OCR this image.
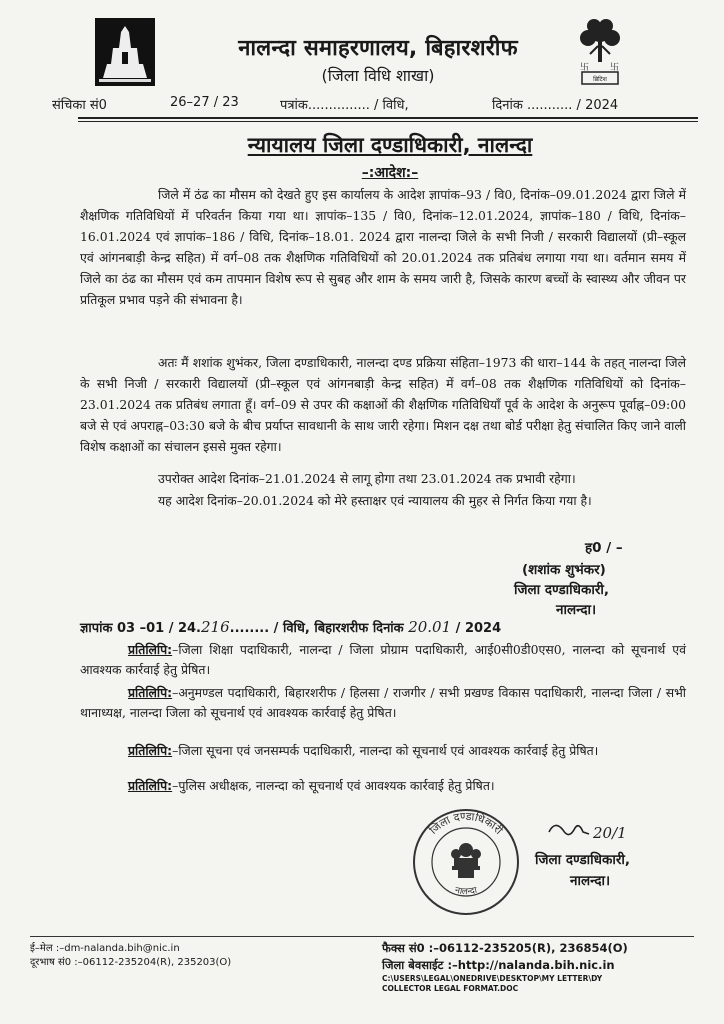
卐 卐
ब्रिटिश
नालन्दा समाहरणालय, बिहारशरीफ
(जिला विधि शाखा)
संचिका सं0	26–27 / 23	पत्रांक............... / विधि,	दिनांक ........... / 2024
न्यायालय जिला दण्डाधिकारी, नालन्दा
–:आदेश:–
जिले में ठंढ का मौसम को देखते हुए इस कार्यालय के आदेश ज्ञापांक–93 / वि0, दिनांक–09.01.2024 द्वारा जिले में शैक्षणिक गतिविधियों में परिवर्तन किया गया था। ज्ञापांक–135 / वि0, दिनांक–12.01.2024, ज्ञापांक–180 / विधि, दिनांक–16.01.2024 एवं ज्ञापांक–186 / विधि, दिनांक–18.01. 2024 द्वारा नालन्दा जिले के सभी निजी / सरकारी विद्यालयों (प्री–स्कूल एवं आंगनबाड़ी केन्द्र सहित) में वर्ग–08 तक शैक्षणिक गतिविधियों को 20.01.2024 तक प्रतिबंध लगाया गया था। वर्तमान समय में जिले का ठंढ का मौसम एवं कम तापमान विशेष रूप से सुबह और शाम के समय जारी है, जिसके कारण बच्चों के स्वास्थ्य और जीवन पर प्रतिकूल प्रभाव पड़ने की संभावना है।
अतः मैं शशांक शुभंकर, जिला दण्डाधिकारी, नालन्दा दण्ड प्रक्रिया संहिता–1973 की धारा–144 के तहत् नालन्दा जिले के सभी निजी / सरकारी विद्यालयों (प्री–स्कूल एवं आंगनबाड़ी केन्द्र सहित) में वर्ग–08 तक शैक्षणिक गतिविधियों को दिनांक–23.01.2024 तक प्रतिबंध लगाता हूँ। वर्ग–09 से उपर की कक्षाओं की शैक्षणिक गतिविधियाँ पूर्व के आदेश के अनुरूप पूर्वाह्न–09:00 बजे से एवं अपराह्न–03:30 बजे के बीच प्रर्याप्त सावधानी के साथ जारी रहेगा। मिशन दक्ष तथा बोर्ड परीक्षा हेतु संचालित किए जाने वाली विशेष कक्षाओं का संचालन इससे मुक्त रहेगा।
उपरोक्त आदेश दिनांक–21.01.2024 से लागू होगा तथा 23.01.2024 तक प्रभावी रहेगा।
यह आदेश दिनांक–20.01.2024 को मेरे हस्ताक्षर एवं न्यायालय की मुहर से निर्गत किया गया है।
ह0 / –
(शशांक शुभंकर)
जिला दण्डाधिकारी,
नालन्दा।
ज्ञापांक 03 –01 / 24.216........ / विधि, बिहारशरीफ दिनांक 20.01 / 2024
प्रतिलिपि:–जिला शिक्षा पदाधिकारी, नालन्दा / जिला प्रोग्राम पदाधिकारी, आई0सी0डी0एस0, नालन्दा को सूचनार्थ एवं आवश्यक कार्रवाई हेतु प्रेषित।
प्रतिलिपि:–अनुमण्डल पदाधिकारी, बिहारशरीफ / हिलसा / राजगीर / सभी प्रखण्ड विकास पदाधिकारी, नालन्दा जिला / सभी थानाध्यक्ष, नालन्दा जिला को सूचनार्थ एवं आवश्यक कार्रवाई हेतु प्रेषित।
प्रतिलिपि:–जिला सूचना एवं जनसम्पर्क पदाधिकारी, नालन्दा को सूचनार्थ एवं आवश्यक कार्रवाई हेतु प्रेषित।
प्रतिलिपि:–पुलिस अधीक्षक, नालन्दा को सूचनार्थ एवं आवश्यक कार्रवाई हेतु प्रेषित।
जिला दण्डाधिकारी
नालन्दा
20/1
जिला दण्डाधिकारी,
नालन्दा।
ई–मेल :–dm-nalanda.bih@nic.in
दूरभाष सं0 :–06112-235204(R), 235203(O)
फैक्स सं0 :–06112-235205(R), 236854(O)
जिला बेवसाईट :–http://nalanda.bih.nic.in
C:\USERS\LEGAL\ONEDRIVE\DESKTOP\MY LETTER\DY
COLLECTOR LEGAL FORMAT.DOC
